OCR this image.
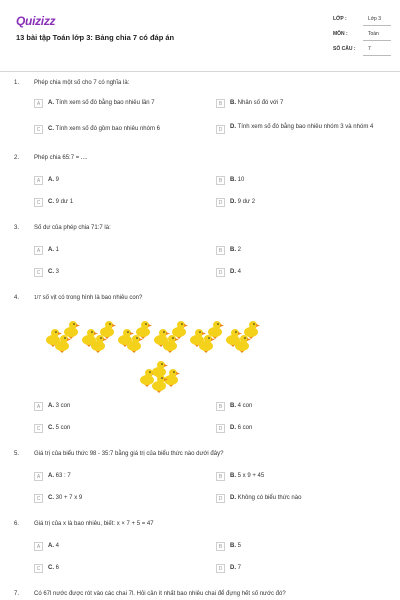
Quizizz
13 bài tập Toán lớp 3: Bảng chia 7 có đáp án
LỚP :	Lớp 3
MÔN :	Toán
SỐ CÂU :	7
1. Phép chia một số cho 7 có nghĩa là:
A	A. Tính xem số đó bằng bao nhiêu lần 7	B	B. Nhân số đó với 7
C	C. Tính xem số đó gồm bao nhiêu nhóm 6	D	D. Tính xem số đó bằng bao nhiêu nhóm 3 và nhóm 4
2. Phép chia 65:7 = ....
A	A. 9	B	B. 10
C	C. 9 dư 1	D	D. 9 dư 2
3. Số dư của phép chia 71:7 là:
A	A. 1	B	B. 2
C	C. 3	D	D. 4
4.	1/7 số vịt có trong hình là bao nhiêu con?
A	A. 3 con	B	B. 4 con
C	C. 5 con	D	D. 6 con
5. Giá trị của biểu thức 98 - 35:7 bằng giá trị của biểu thức nào dưới đây?
A	A. 63 : 7	B	B. 5 x 9 + 45
C	C. 30 + 7 x 9	D	D. Không có biểu thức nào
6. Giá trị của x là bao nhiêu, biết: x × 7 + 5 = 47
A	A. 4	B	B. 5
C	C. 6	D	D. 7
7. Có 67l nước được rót vào các chai 7l. Hỏi cần ít nhất bao nhiêu chai để đựng hết số nước đó?
